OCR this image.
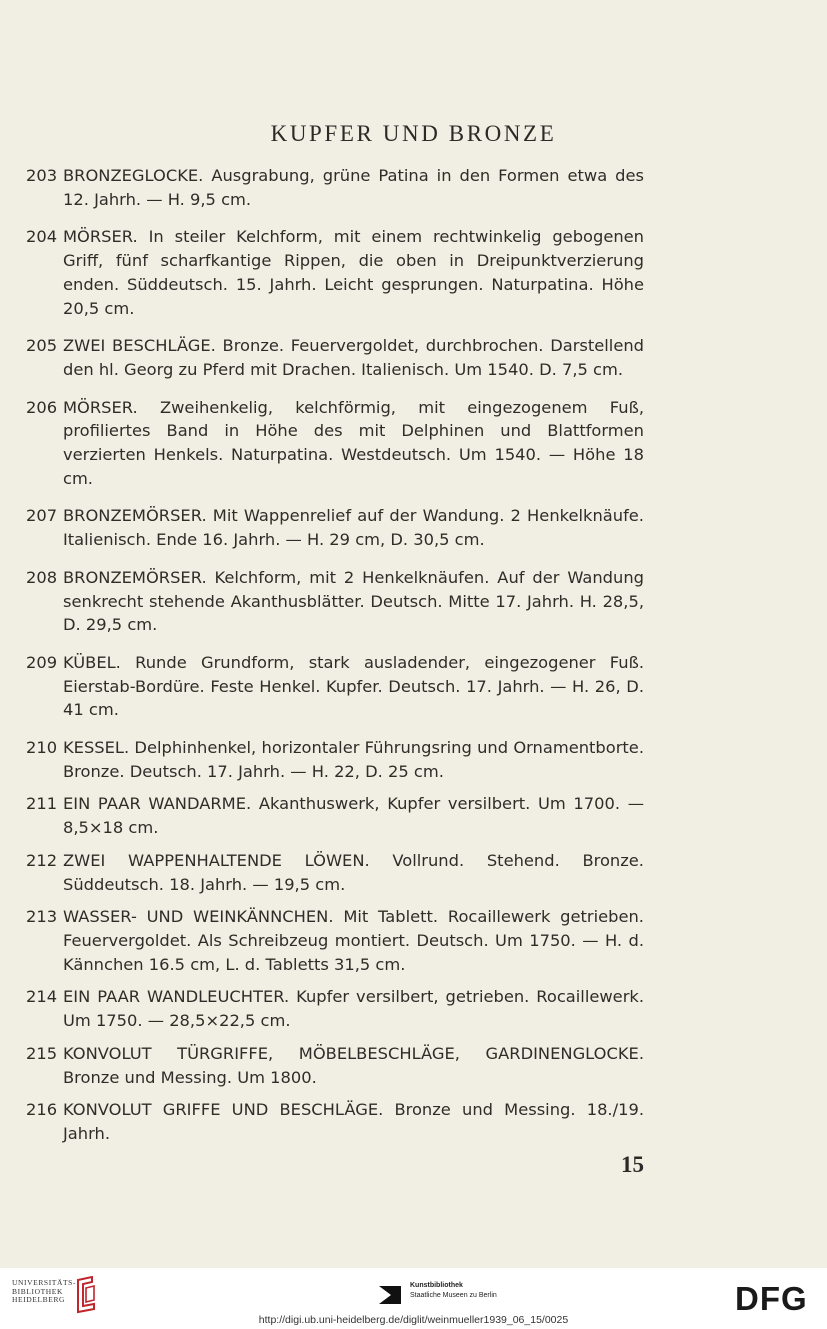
KUPFER UND BRONZE
203 BRONZEGLOCKE. Ausgrabung, grüne Patina in den Formen etwa des 12. Jahrh. — H. 9,5 cm.
204 MÖRSER. In steiler Kelchform, mit einem rechtwinkelig gebogenen Griff, fünf scharfkantige Rippen, die oben in Dreipunktverzierung enden. Süddeutsch. 15. Jahrh. Leicht gesprungen. Naturpatina. Höhe 20,5 cm.
205 ZWEI BESCHLÄGE. Bronze. Feuervergoldet, durchbrochen. Darstellend den hl. Georg zu Pferd mit Drachen. Italienisch. Um 1540. D. 7,5 cm.
206 MÖRSER. Zweihenkelig, kelchförmig, mit eingezogenem Fuß, profiliertes Band in Höhe des mit Delphinen und Blattformen verzierten Henkels. Naturpatina. Westdeutsch. Um 1540. — Höhe 18 cm.
207 BRONZEMÖRSER. Mit Wappenrelief auf der Wandung. 2 Henkelknäufe. Italienisch. Ende 16. Jahrh. — H. 29 cm, D. 30,5 cm.
208 BRONZEMÖRSER. Kelchform, mit 2 Henkelknäufen. Auf der Wandung senkrecht stehende Akanthusblätter. Deutsch. Mitte 17. Jahrh. H. 28,5, D. 29,5 cm.
209 KÜBEL. Runde Grundform, stark ausladender, eingezogener Fuß. Eierstab-Bordüre. Feste Henkel. Kupfer. Deutsch. 17. Jahrh. — H. 26, D. 41 cm.
210 KESSEL. Delphinhenkel, horizontaler Führungsring und Ornamentborte. Bronze. Deutsch. 17. Jahrh. — H. 22, D. 25 cm.
211 EIN PAAR WANDARME. Akanthuswerk, Kupfer versilbert. Um 1700. — 8,5×18 cm.
212 ZWEI WAPPENHALTENDE LÖWEN. Vollrund. Stehend. Bronze. Süddeutsch. 18. Jahrh. — 19,5 cm.
213 WASSER- UND WEINKÄNNCHEN. Mit Tablett. Rocaillewerk getrieben. Feuervergoldet. Als Schreibzeug montiert. Deutsch. Um 1750. — H. d. Kännchen 16.5 cm, L. d. Tabletts 31,5 cm.
214 EIN PAAR WANDLEUCHTER. Kupfer versilbert, getrieben. Rocaillewerk. Um 1750. — 28,5×22,5 cm.
215 KONVOLUT TÜRGRIFFE, MÖBELBESCHLÄGE, GARDINENGLOCKE. Bronze und Messing. Um 1800.
216 KONVOLUT GRIFFE UND BESCHLÄGE. Bronze und Messing. 18./19. Jahrh.
15
UNIVERSITÄTS-
BIBLIOTHEK
HEIDELBERG
Kunstbibliothek
Staatliche Museen zu Berlin	DFG
http://digi.ub.uni-heidelberg.de/diglit/weinmueller1939_06_15/0025
